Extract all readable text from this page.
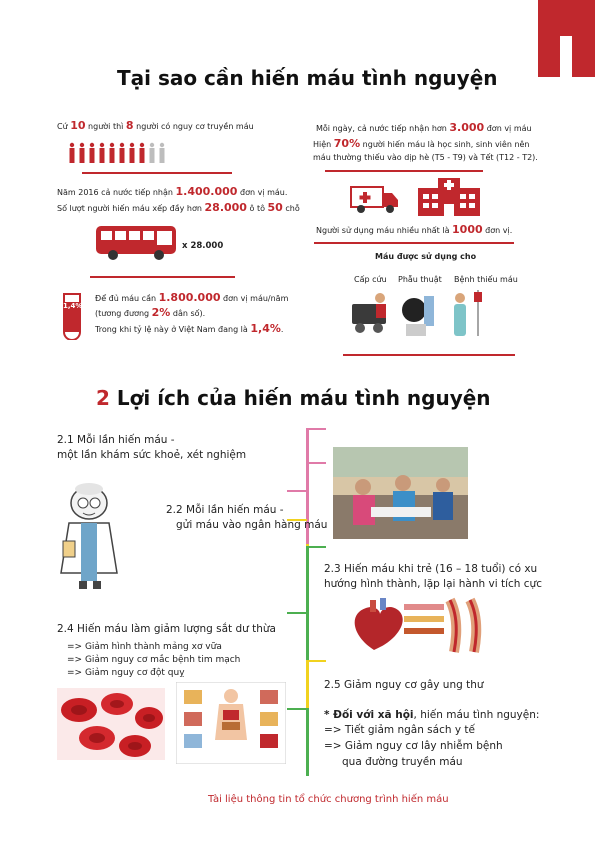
Tại sao cần hiến máu tình nguyện
Cứ 10 người thì 8 người có nguy cơ truyền máu
Năm 2016 cả nước tiếp nhận 1.400.000 đơn vị máu.
Số lượt người hiến máu xếp đầy hơn 28.000 ô tô 50 chỗ
x 28.000
1,4%
Để đủ máu cần 1.800.000 đơn vị máu/năm
(tương đương 2% dân số).
Trong khi tỷ lệ này ở Việt Nam đang là 1,4%.
Mỗi ngày, cả nước tiếp nhận hơn 3.000 đơn vị máu
Hiện 70% người hiến máu là học sinh, sinh viên nên
máu thường thiếu vào dịp hè (T5 - T9) và Tết (T12 - T2).
Người sử dụng máu nhiều nhất là 1000 đơn vị.
Máu được sử dụng cho
Cấp cứu Phẫu thuật Bệnh thiếu máu
2 Lợi ích của hiến máu tình nguyện
2.1 Mỗi lần hiến máu -
một lần khám sức khoẻ, xét nghiệm
2.2 Mỗi lần hiến máu -
gửi máu vào ngân hàng máu
2.3 Hiến máu khi trẻ (16 – 18 tuổi) có xu
hướng hình thành, lặp lại hành vi tích cực
2.4 Hiến máu làm giảm lượng sắt dư thừa
=> Giảm hình thành mảng xơ vữa
=> Giảm nguy cơ mắc bệnh tim mạch
=> Giảm nguy cơ đột quỵ
2.5 Giảm nguy cơ gây ung thư
* Đối với xã hội, hiến máu tình nguyện:
=> Tiết giảm ngân sách y tế
=> Giảm nguy cơ lây nhiễm bệnh
qua đường truyền máu
Tài liệu thông tin tổ chức chương trình hiến máu
